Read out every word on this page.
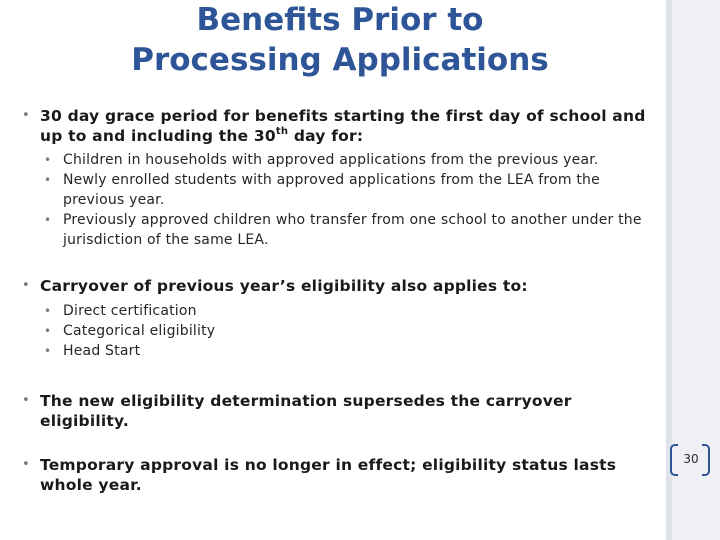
Benefits Prior to
Processing Applications
• 30 day grace period for benefits starting the first day of school and up to and including the 30th day for:
• Children in households with approved applications from the previous year.
• Newly enrolled students with approved applications from the LEA from the previous year.
• Previously approved children who transfer from one school to another under the jurisdiction of the same LEA.
• Carryover of previous year’s eligibility also applies to:
• Direct certification
• Categorical eligibility
• Head Start
• The new eligibility determination supersedes the carryover eligibility.
• Temporary approval is no longer in effect; eligibility status lasts whole year.
30
